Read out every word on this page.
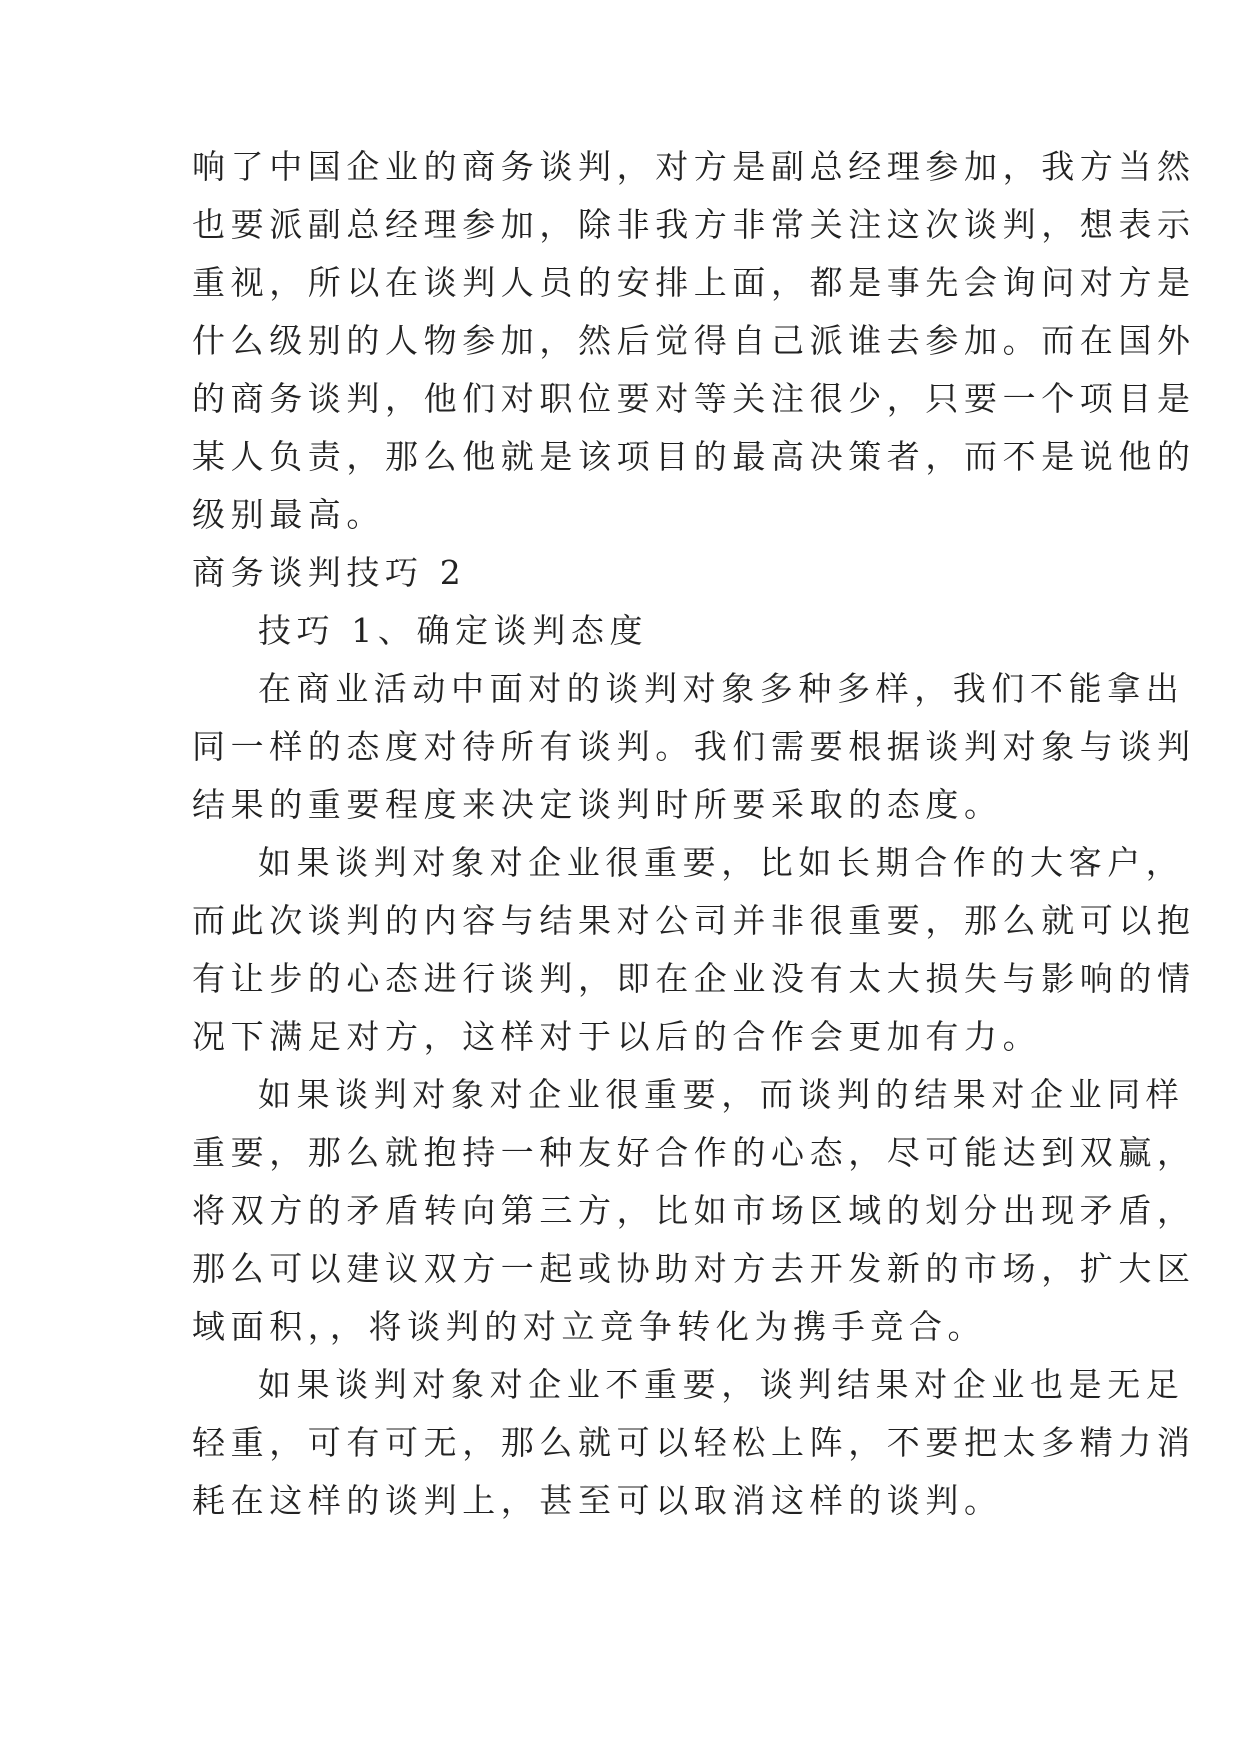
响了中国企业的商务谈判，对方是副总经理参加，我方当然
也要派副总经理参加，除非我方非常关注这次谈判，想表示
重视，所以在谈判人员的安排上面，都是事先会询问对方是
什么级别的人物参加，然后觉得自己派谁去参加。而在国外
的商务谈判，他们对职位要对等关注很少，只要一个项目是
某人负责，那么他就是该项目的最高决策者，而不是说他的
级别最高。
商务谈判技巧 2
技巧 1、确定谈判态度
在商业活动中面对的谈判对象多种多样，我们不能拿出
同一样的态度对待所有谈判。我们需要根据谈判对象与谈判
结果的重要程度来决定谈判时所要采取的态度。
如果谈判对象对企业很重要，比如长期合作的大客户，
而此次谈判的内容与结果对公司并非很重要，那么就可以抱
有让步的心态进行谈判，即在企业没有太大损失与影响的情
况下满足对方，这样对于以后的合作会更加有力。
如果谈判对象对企业很重要，而谈判的结果对企业同样
重要，那么就抱持一种友好合作的心态，尽可能达到双赢，
将双方的矛盾转向第三方，比如市场区域的划分出现矛盾，
那么可以建议双方一起或协助对方去开发新的市场，扩大区
域面积，，将谈判的对立竞争转化为携手竞合。
如果谈判对象对企业不重要，谈判结果对企业也是无足
轻重，可有可无，那么就可以轻松上阵，不要把太多精力消
耗在这样的谈判上，甚至可以取消这样的谈判。
